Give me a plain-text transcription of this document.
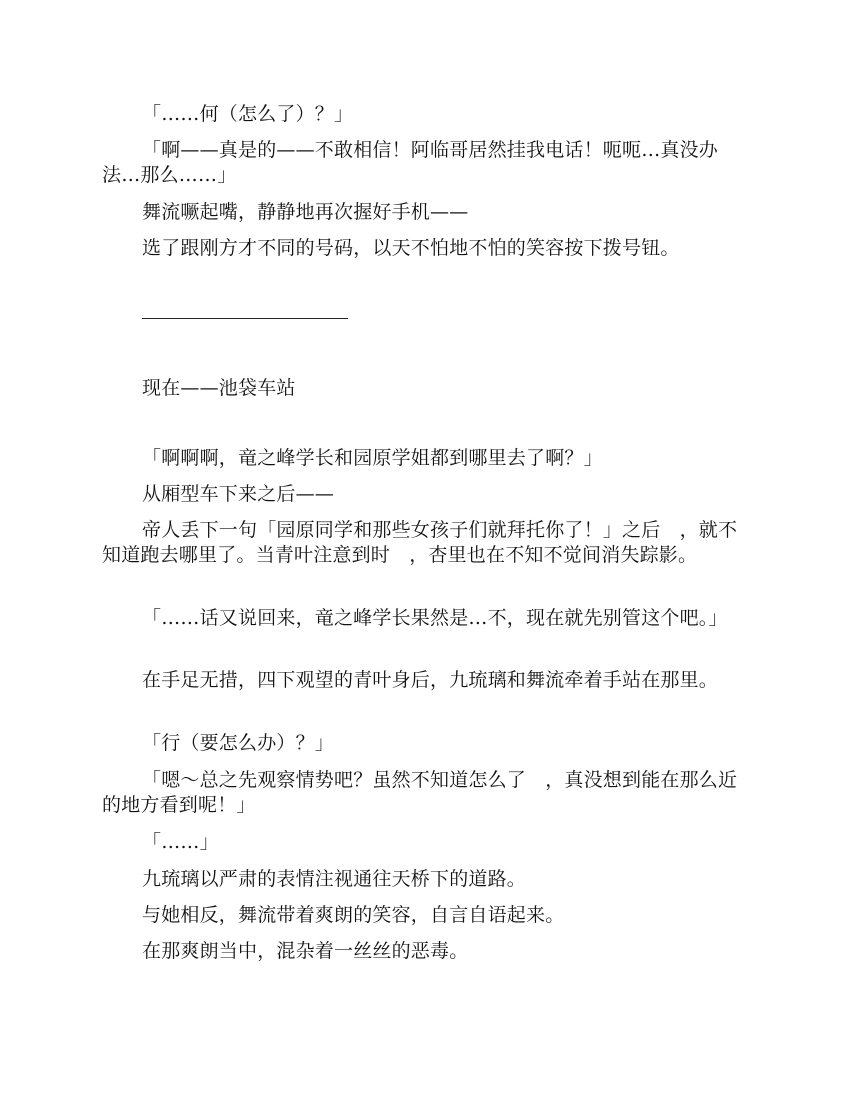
「……何（怎么了）？」

「啊——真是的——不敢相信！阿临哥居然挂我电话！呃呃…真没办法…那么……」

舞流噘起嘴，静静地再次握好手机——

选了跟刚方才不同的号码，以天不怕地不怕的笑容按下拨号钮。

现在——池袋车站

「啊啊啊，竜之峰学长和园原学姐都到哪里去了啊？」

从厢型车下来之后——

帝人丢下一句「园原同学和那些女孩子们就拜托你了！」之后　，就不知道跑去哪里了。当青叶注意到时　，杏里也在不知不觉间消失踪影。

「……话又说回来，竜之峰学长果然是…不，现在就先别管这个吧。」

在手足无措，四下观望的青叶身后，九琉璃和舞流牵着手站在那里。

「行（要怎么办）？」

「嗯～总之先观察情势吧？虽然不知道怎么了　，真没想到能在那么近的地方看到呢！」

「……」

九琉璃以严肃的表情注视通往天桥下的道路。

与她相反，舞流带着爽朗的笑容，自言自语起来。

在那爽朗当中，混杂着一丝丝的恶毒。
